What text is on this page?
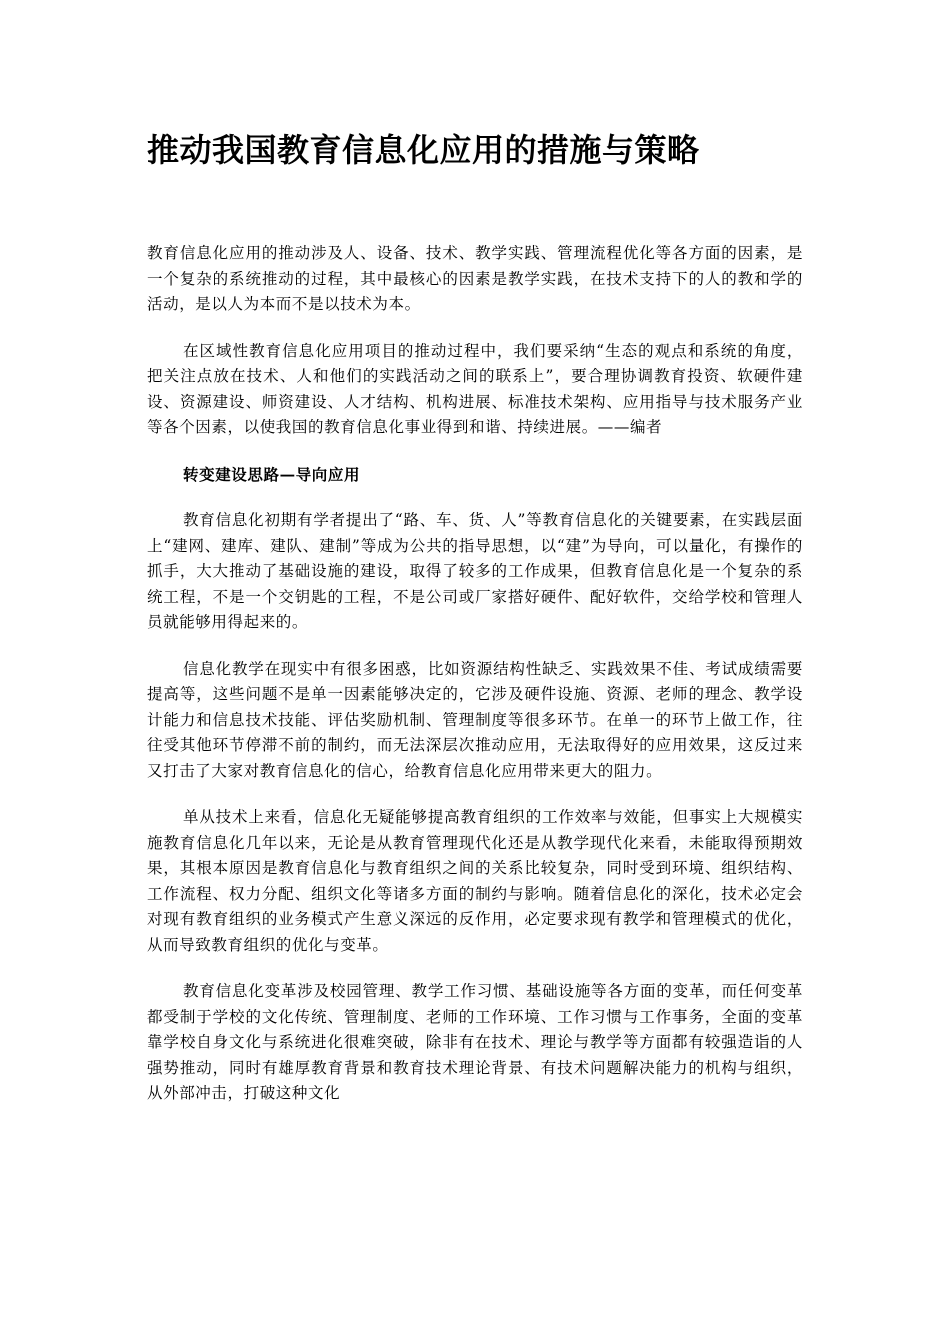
推动我国教育信息化应用的措施与策略

教育信息化应用的推动涉及人、设备、技术、教学实践、管理流程优化等各方面的因素，是一个复杂的系统推动的过程，其中最核心的因素是教学实践，在技术支持下的人的教和学的活动，是以人为本而不是以技术为本。

在区域性教育信息化应用项目的推动过程中，我们要采纳“生态的观点和系统的角度，把关注点放在技术、人和他们的实践活动之间的联系上”，要合理协调教育投资、软硬件建设、资源建设、师资建设、人才结构、机构进展、标准技术架构、应用指导与技术服务产业等各个因素，以使我国的教育信息化事业得到和谐、持续进展。——编者

转变建设思路—导向应用

教育信息化初期有学者提出了“路、车、货、人”等教育信息化的关键要素，在实践层面上“建网、建库、建队、建制”等成为公共的指导思想，以“建”为导向，可以量化，有操作的抓手，大大推动了基础设施的建设，取得了较多的工作成果，但教育信息化是一个复杂的系统工程，不是一个交钥匙的工程，不是公司或厂家搭好硬件、配好软件，交给学校和管理人员就能够用得起来的。

信息化教学在现实中有很多困惑，比如资源结构性缺乏、实践效果不佳、考试成绩需要提高等，这些问题不是单一因素能够决定的，它涉及硬件设施、资源、老师的理念、教学设计能力和信息技术技能、评估奖励机制、管理制度等很多环节。在单一的环节上做工作，往往受其他环节停滞不前的制约，而无法深层次推动应用，无法取得好的应用效果，这反过来又打击了大家对教育信息化的信心，给教育信息化应用带来更大的阻力。

单从技术上来看，信息化无疑能够提高教育组织的工作效率与效能，但事实上大规模实施教育信息化几年以来，无论是从教育管理现代化还是从教学现代化来看，未能取得预期效果，其根本原因是教育信息化与教育组织之间的关系比较复杂，同时受到环境、组织结构、工作流程、权力分配、组织文化等诸多方面的制约与影响。随着信息化的深化，技术必定会对现有教育组织的业务模式产生意义深远的反作用，必定要求现有教学和管理模式的优化，从而导致教育组织的优化与变革。

教育信息化变革涉及校园管理、教学工作习惯、基础设施等各方面的变革，而任何变革都受制于学校的文化传统、管理制度、老师的工作环境、工作习惯与工作事务，全面的变革靠学校自身文化与系统进化很难突破，除非有在技术、理论与教学等方面都有较强造诣的人强势推动，同时有雄厚教育背景和教育技术理论背景、有技术问题解决能力的机构与组织，从外部冲击，打破这种文化
